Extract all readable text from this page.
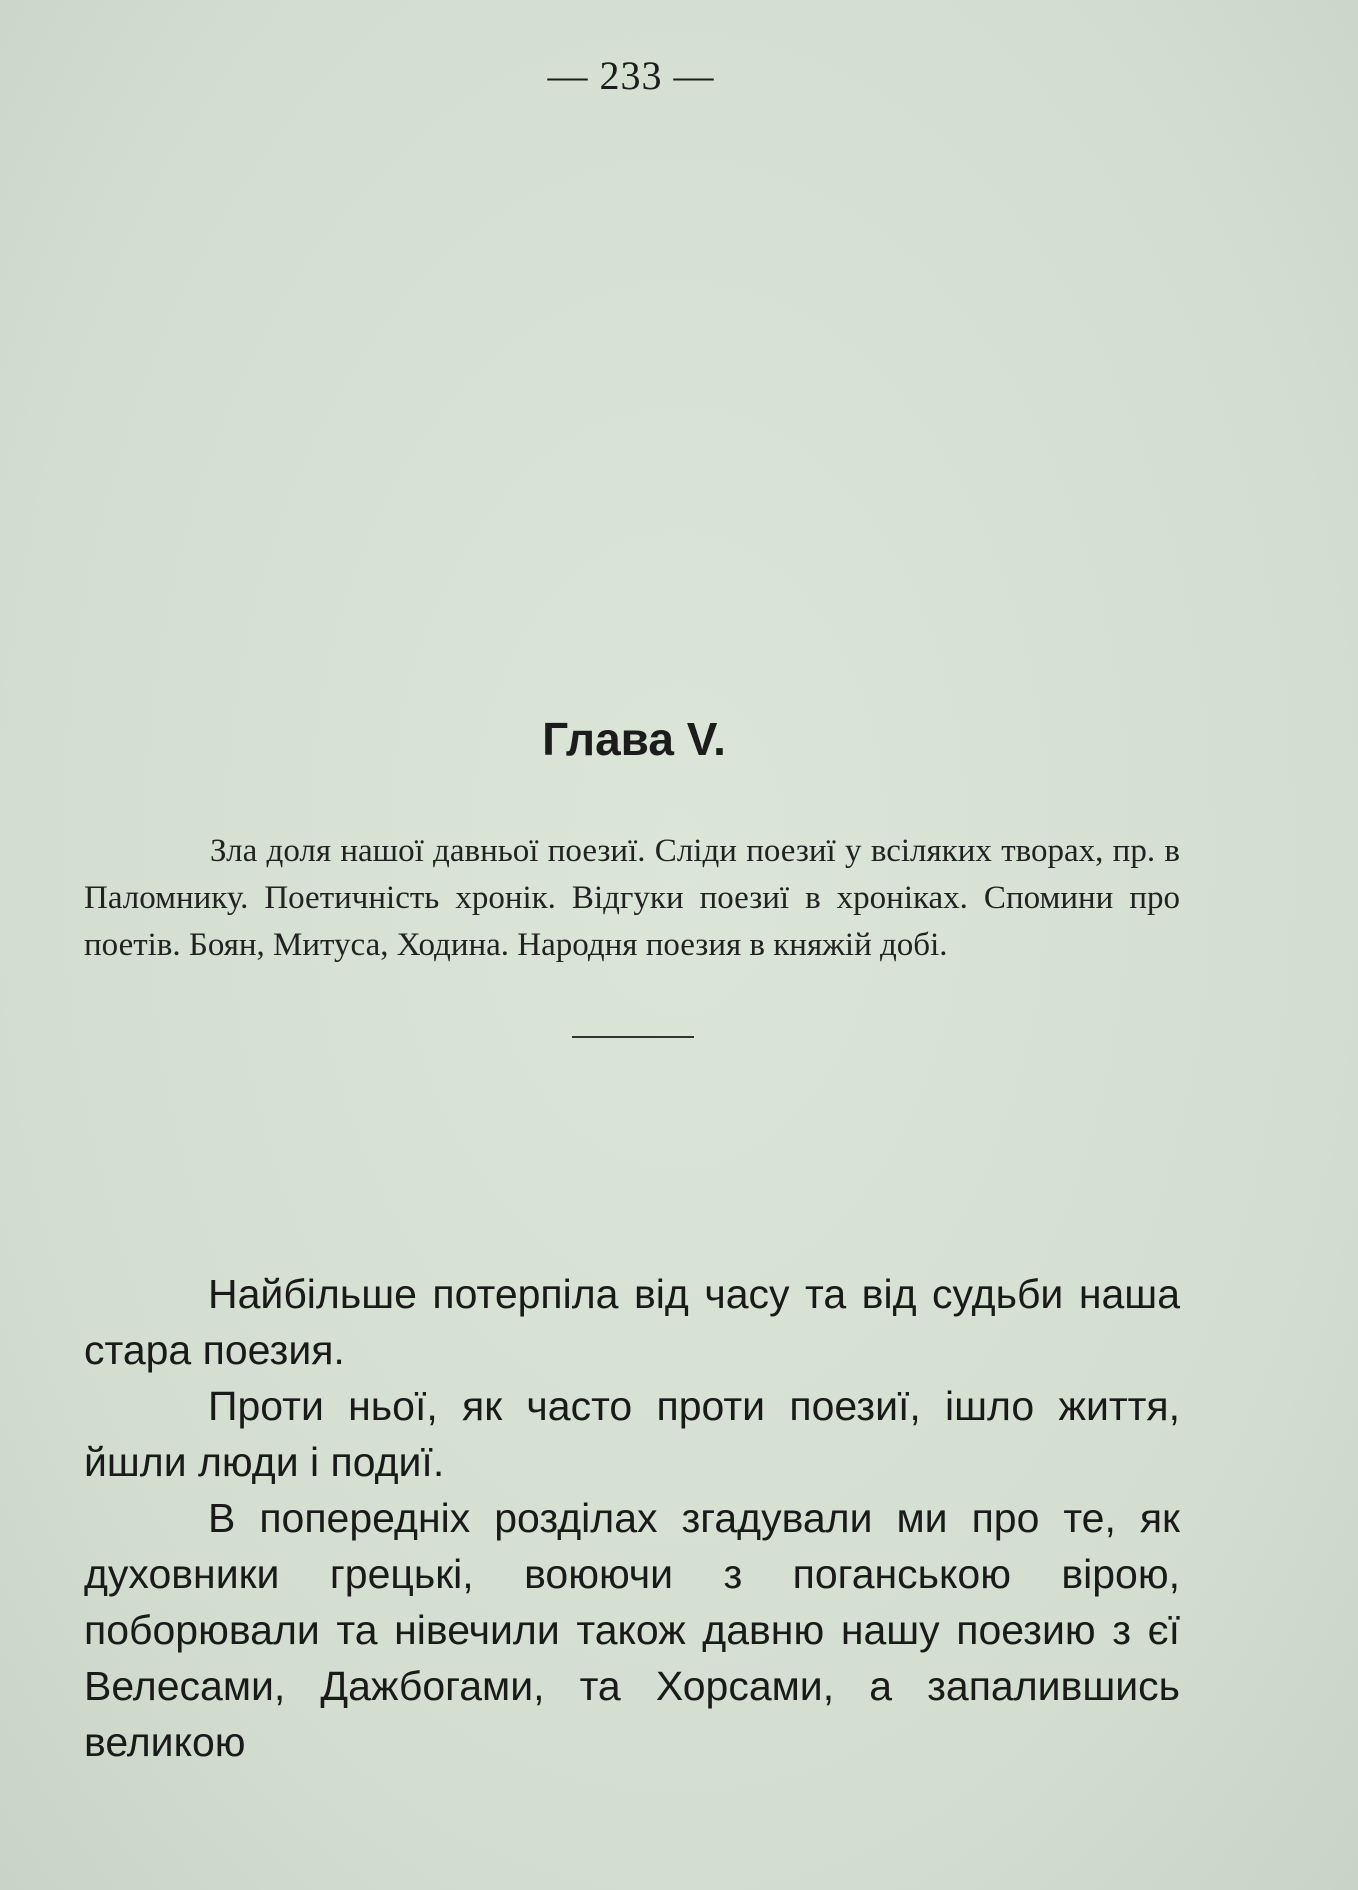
— 233 —
Глава V.
Зла доля нашої давньої поезиї. Сліди поезиї у всіляких творах, пр. в Паломнику. Поетичність хронік. Відгуки поезиї в хроніках. Спомини про поетів. Боян, Митуса, Ходина. Народня поезия в княжій добі.

Найбільше потерпіла від часу та від судьби наша стара поезия.

Проти ньої, як часто проти поезиї, ішло життя, йшли люди і подиї.

В попередніх розділах згадували ми про те, як духовники грецькі, воюючи з поганською вірою, поборювали та нівечили також давню нашу поезию з єї Велесами, Дажбогами, та Хорсами, а запалившись великою
